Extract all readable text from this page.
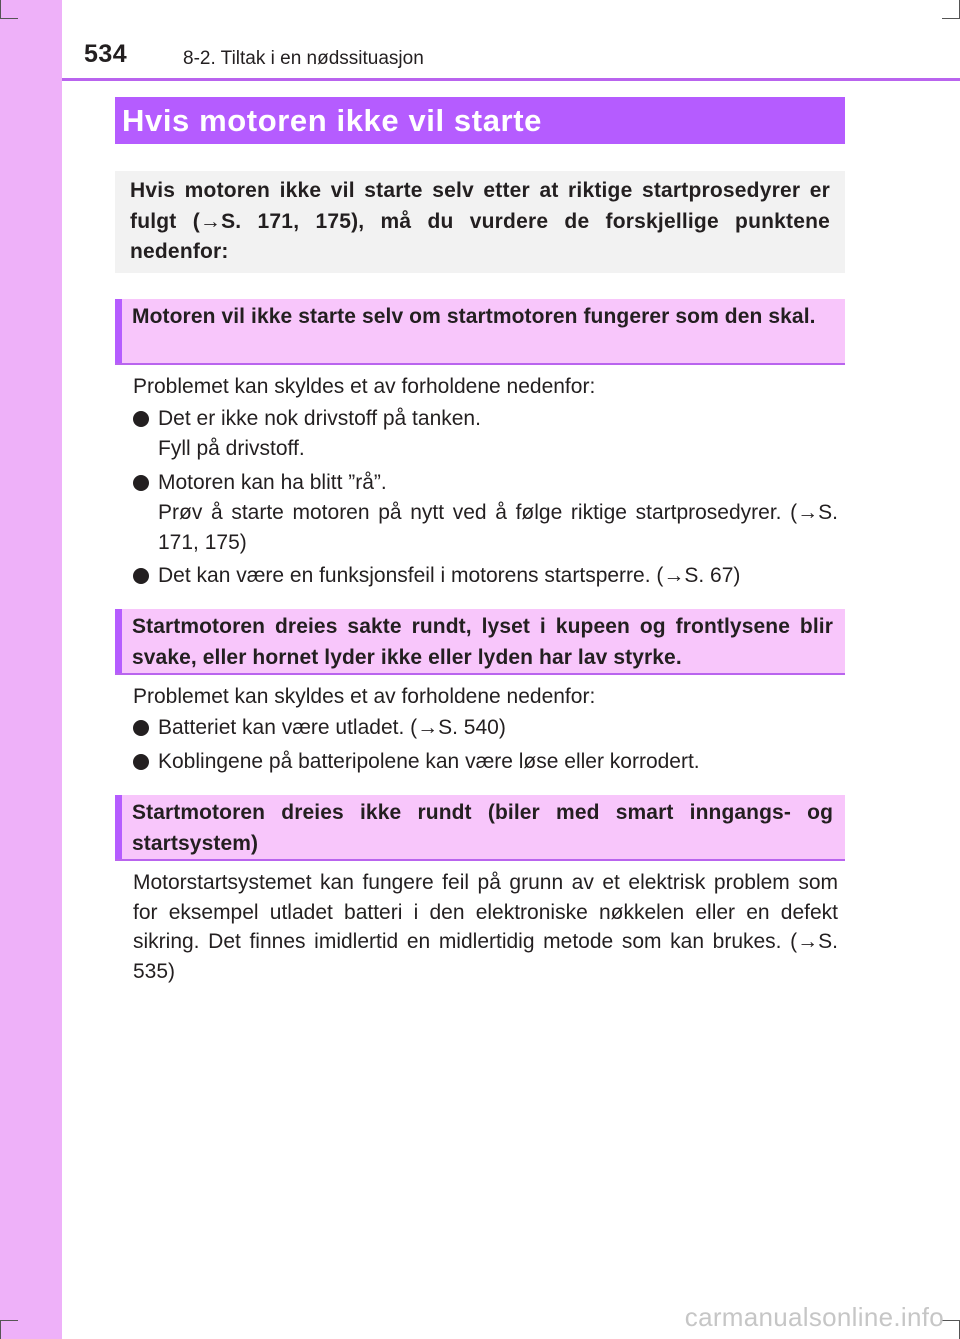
534	8-2. Tiltak i en nødssituasjon
Hvis motoren ikke vil starte
Hvis motoren ikke vil starte selv etter at riktige startprosedyrer er fulgt (→S. 171, 175), må du vurdere de forskjellige punktene nedenfor:
Motoren vil ikke starte selv om startmotoren fungerer som den skal.
Problemet kan skyldes et av forholdene nedenfor:
Det er ikke nok drivstoff på tanken.
Fyll på drivstoff.
Motoren kan ha blitt ”rå”.
Prøv å starte motoren på nytt ved å følge riktige startprosedyrer. (→S. 171, 175)
Det kan være en funksjonsfeil i motorens startsperre. (→S. 67)
Startmotoren dreies sakte rundt, lyset i kupeen og frontlysene blir svake, eller hornet lyder ikke eller lyden har lav styrke.
Problemet kan skyldes et av forholdene nedenfor:
Batteriet kan være utladet. (→S. 540)
Koblingene på batteripolene kan være løse eller korrodert.
Startmotoren dreies ikke rundt (biler med smart inngangs- og startsystem)
Motorstartsystemet kan fungere feil på grunn av et elektrisk problem som for eksempel utladet batteri i den elektroniske nøkkelen eller en defekt sikring. Det finnes imidlertid en midlertidig metode som kan brukes. (→S. 535)
carmanualsonline.info
